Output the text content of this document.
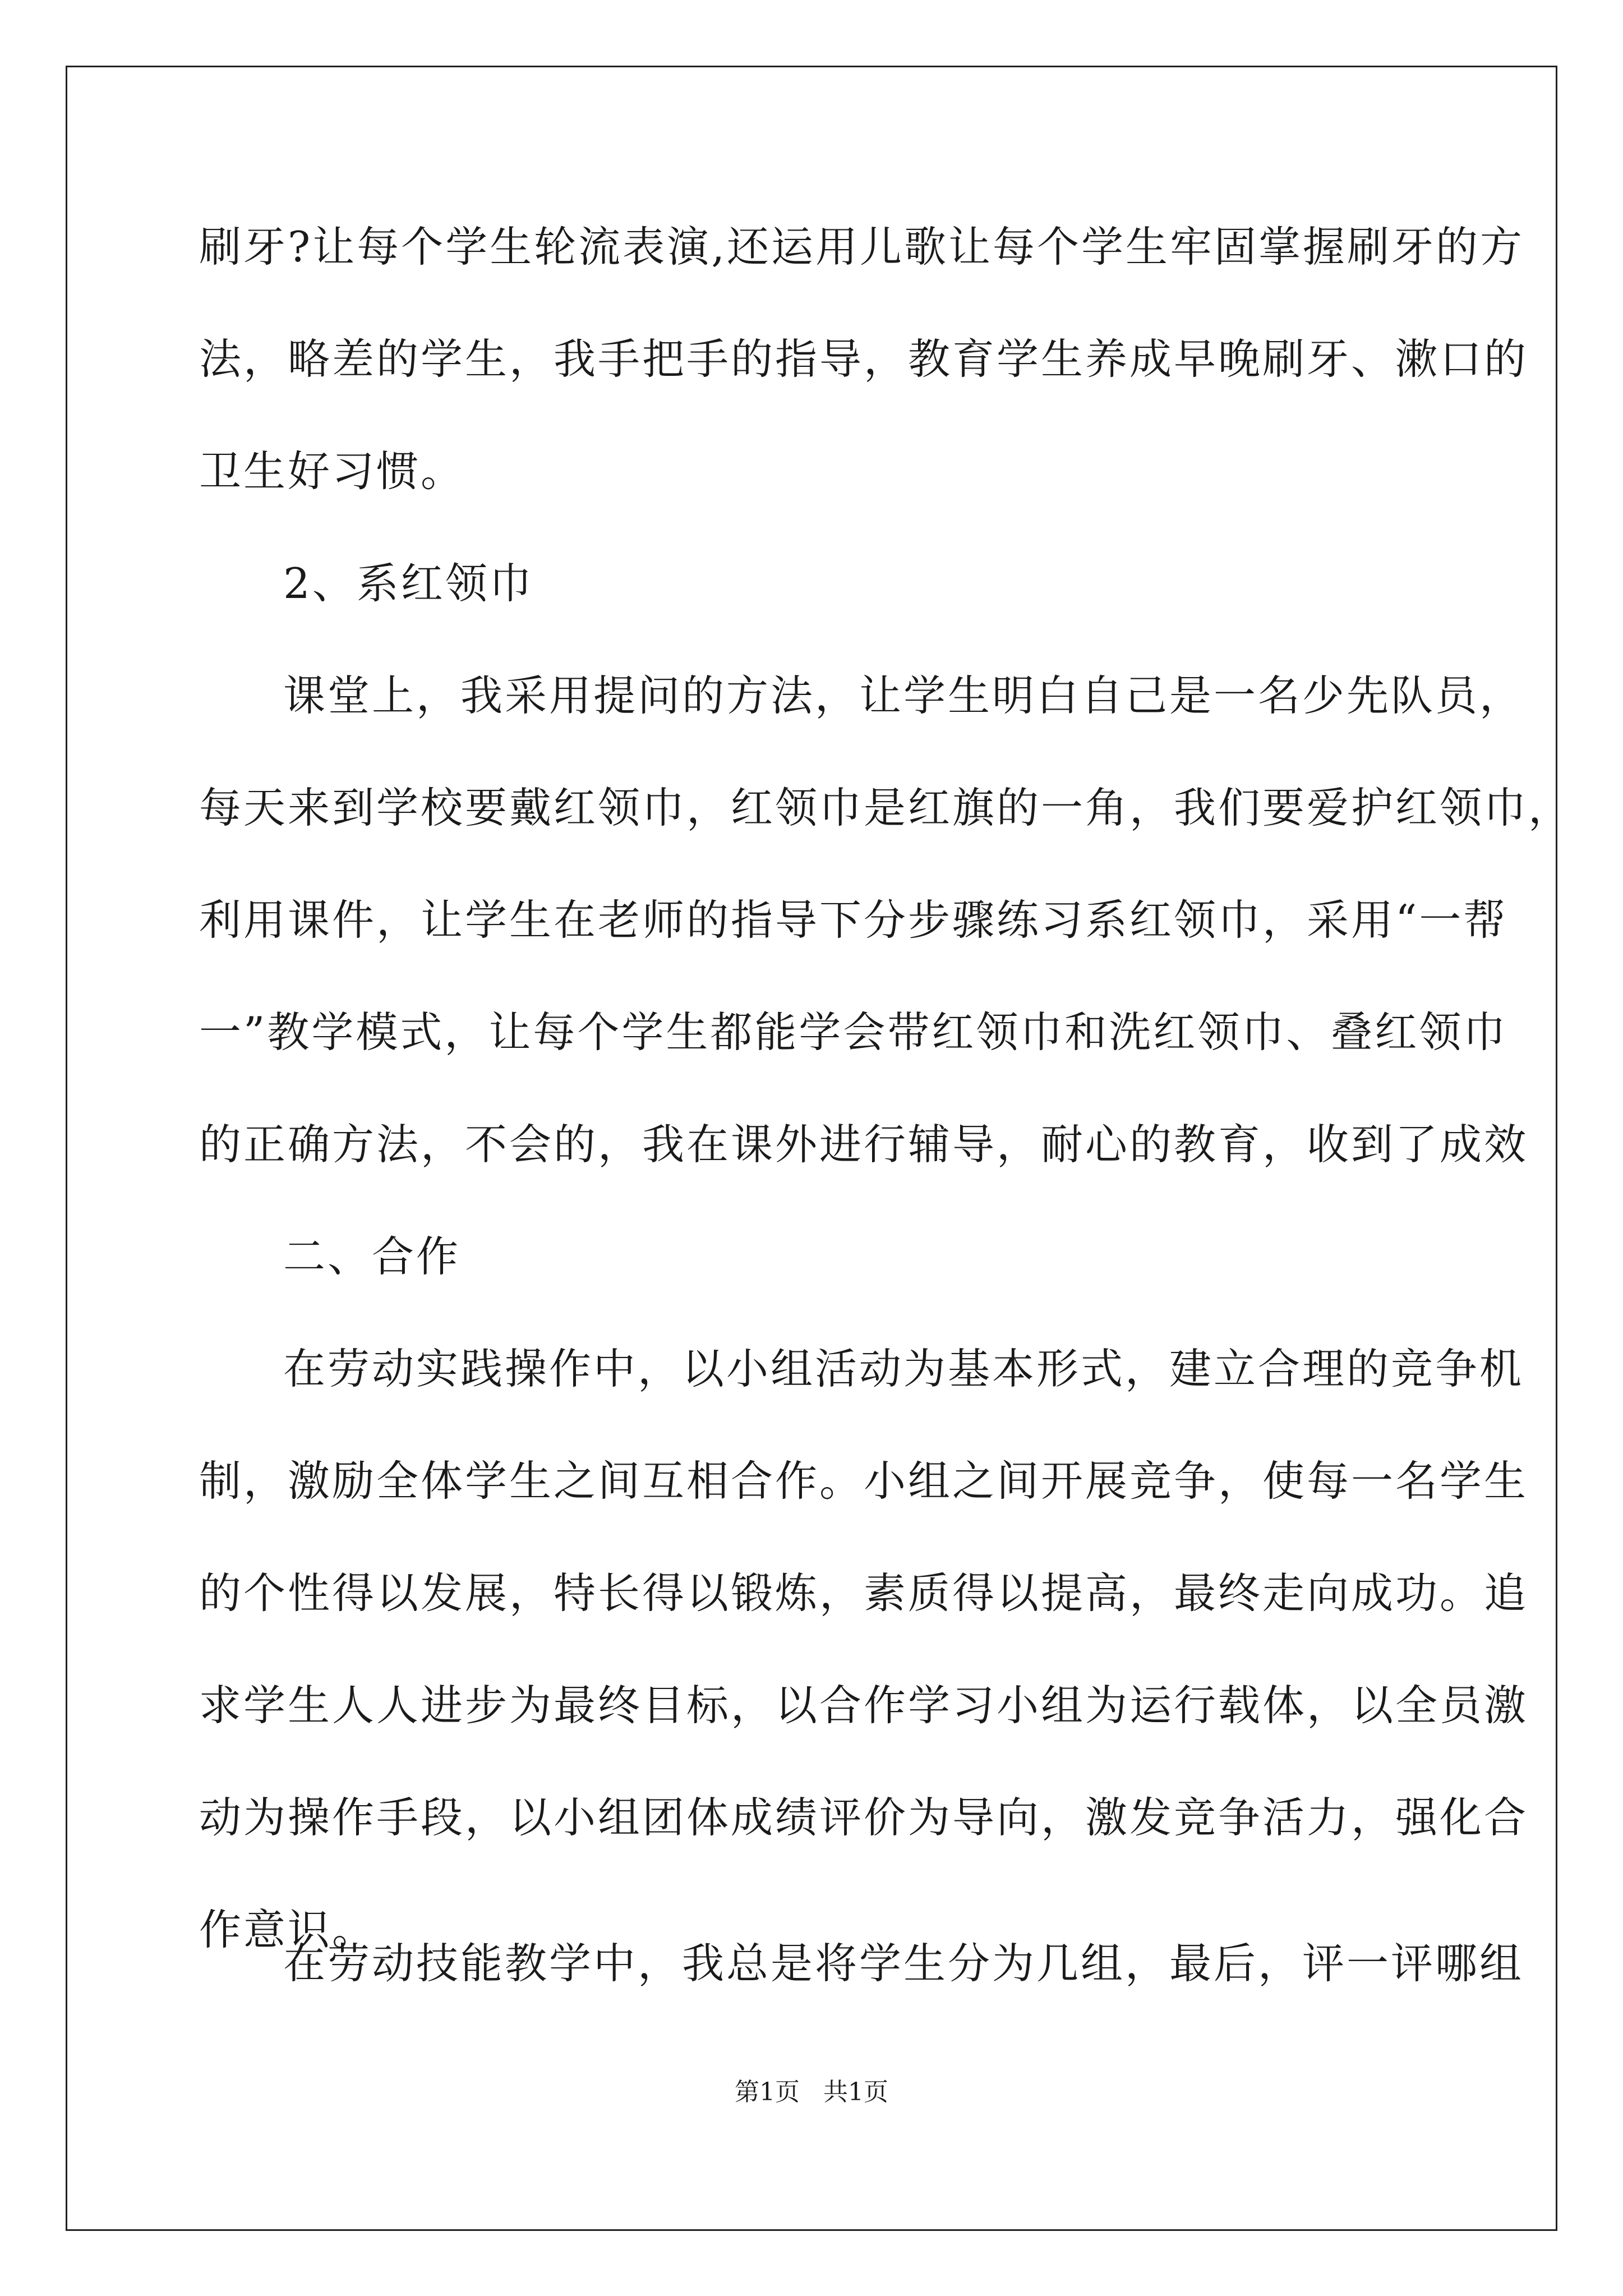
刷牙?让每个学生轮流表演,还运用儿歌让每个学生牢固掌握刷牙的方
法，略差的学生，我手把手的指导，教育学生养成早晚刷牙、漱口的
卫生好习惯。
2、系红领巾
课堂上，我采用提问的方法，让学生明白自己是一名少先队员，
每天来到学校要戴红领巾，红领巾是红旗的一角，我们要爱护红领巾，
利用课件，让学生在老师的指导下分步骤练习系红领巾，采用“一帮
一”教学模式，让每个学生都能学会带红领巾和洗红领巾、叠红领巾
的正确方法，不会的，我在课外进行辅导，耐心的教育，收到了成效
二、合作
在劳动实践操作中，以小组活动为基本形式，建立合理的竞争机
制，激励全体学生之间互相合作。小组之间开展竞争，使每一名学生
的个性得以发展，特长得以锻炼，素质得以提高，最终走向成功。追
求学生人人进步为最终目标，以合作学习小组为运行载体，以全员激
动为操作手段，以小组团体成绩评价为导向，激发竞争活力，强化合
作意识。
在劳动技能教学中，我总是将学生分为几组，最后，评一评哪组
第1页   共1页
